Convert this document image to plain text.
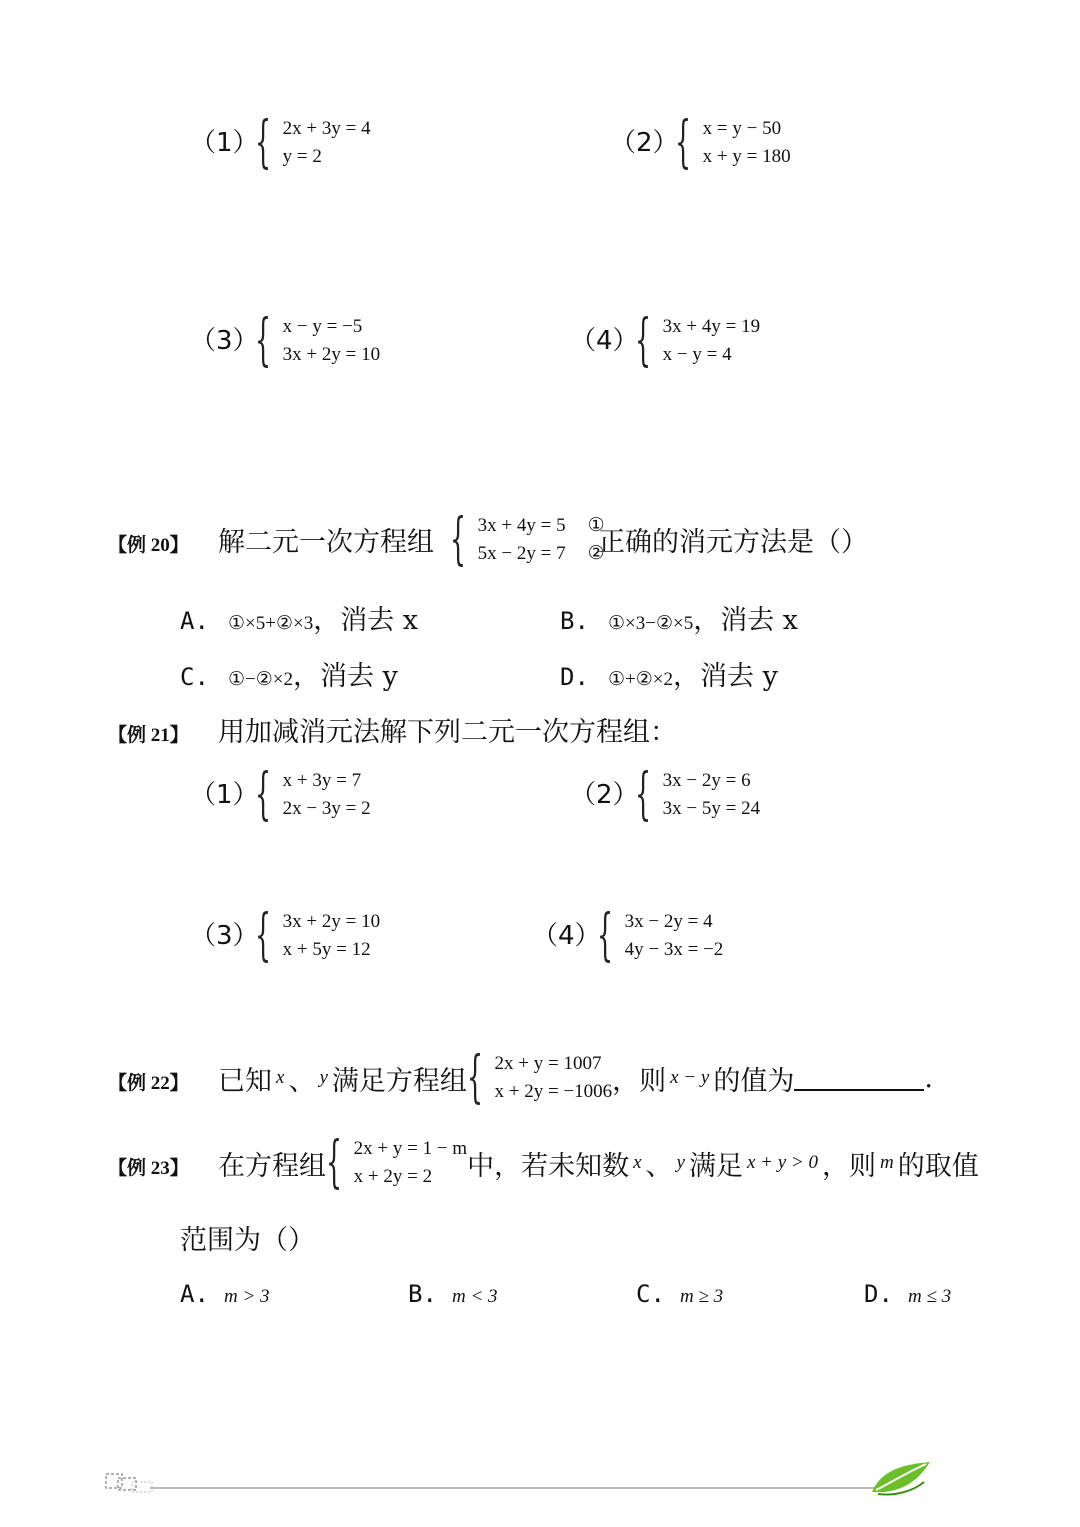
（1）
{ 2x + 3y = 4
y = 2	（2）
{ x = y − 50
x + y = 180
（3）
{ x − y = −5
3x + 2y = 10	（4）
{ 3x + 4y = 19
x − y = 4
【例 20】 解二元一次方程组 { 3x + 4y = 5 ①
5x − 2y = 7 ②
正确的消元方法是（）
A. ①×5+②×3，消去 x	B. ①×3−②×5，消去 x
C. ①−②×2，消去 y	D. ①+②×2，消去 y
【例 21】 用加减消元法解下列二元一次方程组：
（1）
{ x + 3y = 7
2x − 3y = 2	（2）
{ 3x − 2y = 6
3x − 5y = 24
（3）
{ 3x + 2y = 10
x + 5y = 12	（4）
{ 3x − 2y = 4
4y − 3x = −2
【例 22】 已知 x 、 y 满足方程组 { 2x + y = 1007
x + 2y = −1006 ，则 x − y 的值为	.
【例 23】 在方程组 { 2x + y = 1 − m
x + 2y = 2	中，若未知数 x 、 y 满足 x + y > 0 ，则 m 的取值
范围为（）
A. m > 3	B. m < 3	C. m ≥ 3	D. m ≤ 3
